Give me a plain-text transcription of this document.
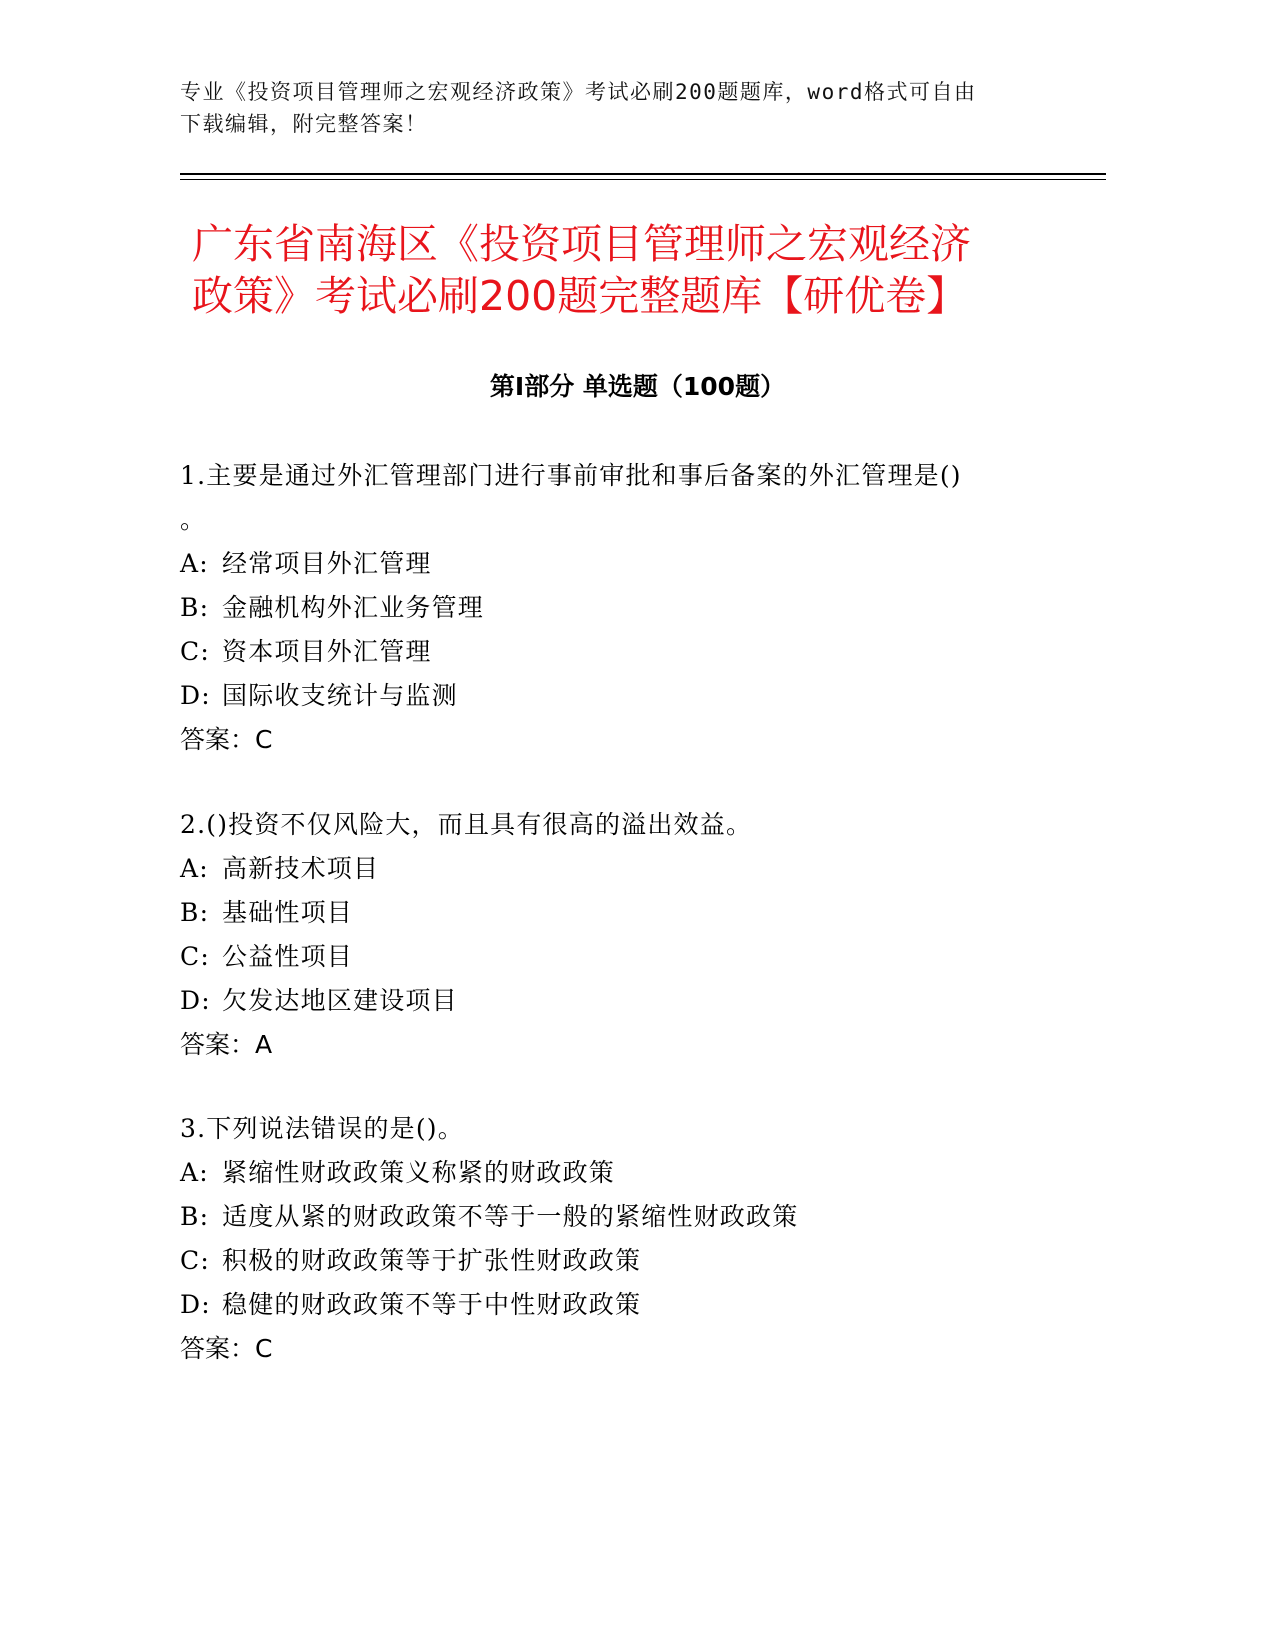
专业《投资项目管理师之宏观经济政策》考试必刷200题题库，word格式可自由
下载编辑，附完整答案！
广东省南海区《投资项目管理师之宏观经济
政策》考试必刷200题完整题库【研优卷】
第Ⅰ部分 单选题（100题）

1.主要是通过外汇管理部门进行事前审批和事后备案的外汇管理是()

。

A: 经常项目外汇管理

B: 金融机构外汇业务管理

C: 资本项目外汇管理

D: 国际收支统计与监测

答案：C

2.()投资不仅风险大，而且具有很高的溢出效益。

A: 高新技术项目

B: 基础性项目

C: 公益性项目

D: 欠发达地区建设项目

答案：A

3.下列说法错误的是()。

A: 紧缩性财政政策义称紧的财政政策

B: 适度从紧的财政政策不等于一般的紧缩性财政政策

C: 积极的财政政策等于扩张性财政政策

D: 稳健的财政政策不等于中性财政政策

答案：C
